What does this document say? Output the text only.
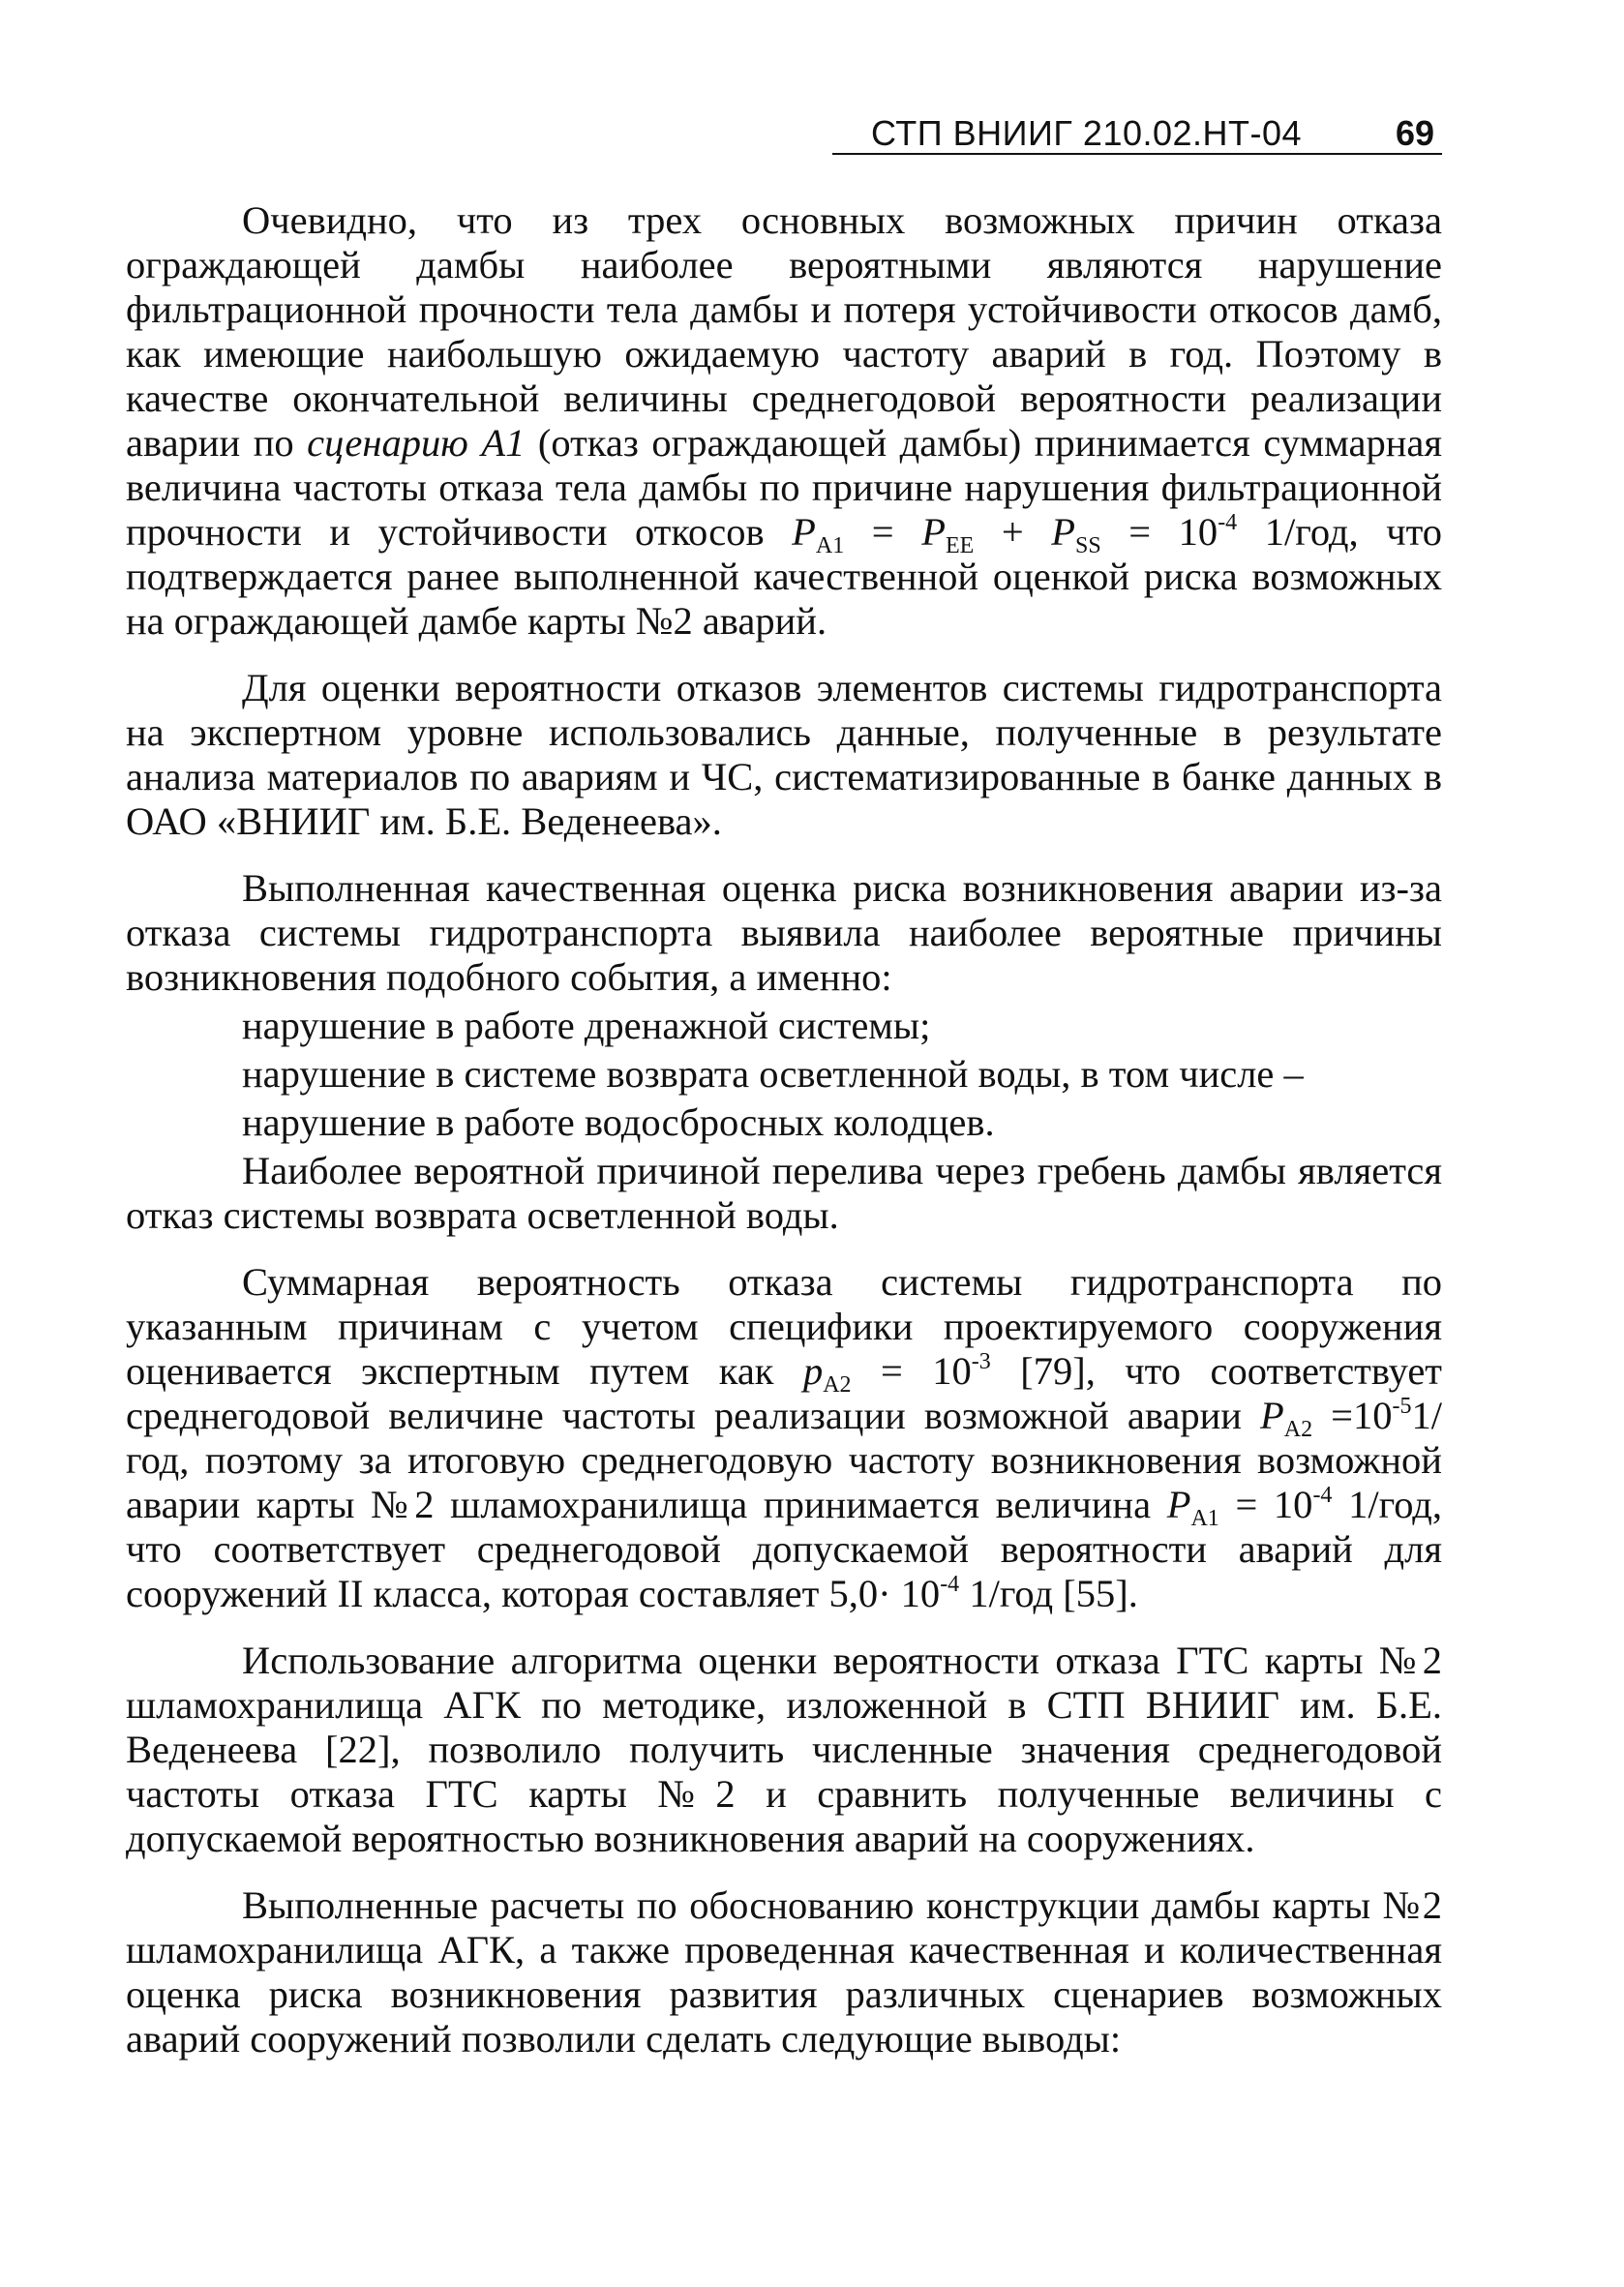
СТП ВНИИГ 210.02.НТ-04	69

Очевидно, что из трех основных возможных причин отказа ограждающей дамбы наиболее вероятными являются нарушение фильтрационной прочности тела дамбы и потеря устойчивости откосов дамб, как имеющие наибольшую ожидаемую частоту аварий в год. Поэтому в качестве окончательной величины среднегодовой вероятности реализации аварии по сценарию А1 (отказ ограждающей дамбы) принимается суммарная величина частоты отказа тела дамбы по причине нарушения фильтрационной прочности и устойчивости откосов $P_{A1} = P_{EE} + P_{SS} = 10^{-4}$ 1/год, что подтверждается ранее выполненной качественной оценкой риска возможных на ограждающей дамбе карты №2 аварий.

Для оценки вероятности отказов элементов системы гидротранспорта на экспертном уровне использовались данные, полученные в результате анализа материалов по авариям и ЧС, систематизированные в банке данных в ОАО «ВНИИГ им. Б.Е. Веденеева».

Выполненная качественная оценка риска возникновения аварии из-за отказа системы гидротранспорта выявила наиболее вероятные причины возникновения подобного события, а именно:

нарушение в работе дренажной системы;
нарушение в системе возврата осветленной воды, в том числе –
нарушение в работе водосбросных колодцев.

Наиболее вероятной причиной перелива через гребень дамбы является отказ системы возврата осветленной воды.

Суммарная вероятность отказа системы гидротранспорта по указанным причинам с учетом специфики проектируемого сооружения оценивается экспертным путем как $p_{A2} = 10^{-3}$ [79], что соответствует среднегодовой величине частоты реализации возможной аварии $P_{A2} =10^{-5}1/год$, поэтому за итоговую среднегодовую частоту возникновения возможной аварии карты №2 шламохранилища принимается величина $P_{A1} = 10^{-4}$ 1/год, что соответствует среднегодовой допускаемой вероятности аварий для сооружений II класса, которая составляет $5,0\cdot 10^{-4}$ 1/год [55].

Использование алгоритма оценки вероятности отказа ГТС карты №2 шламохранилища АГК по методике, изложенной в СТП ВНИИГ им. Б.Е. Веденеева [22], позволило получить численные значения среднегодовой частоты отказа ГТС карты №2 и сравнить полученные величины с допускаемой вероятностью возникновения аварий на сооружениях.

Выполненные расчеты по обоснованию конструкции дамбы карты №2 шламохранилища АГК, а также проведенная качественная и количественная оценка риска возникновения развития различных сценариев возможных аварий сооружений позволили сделать следующие выводы:
